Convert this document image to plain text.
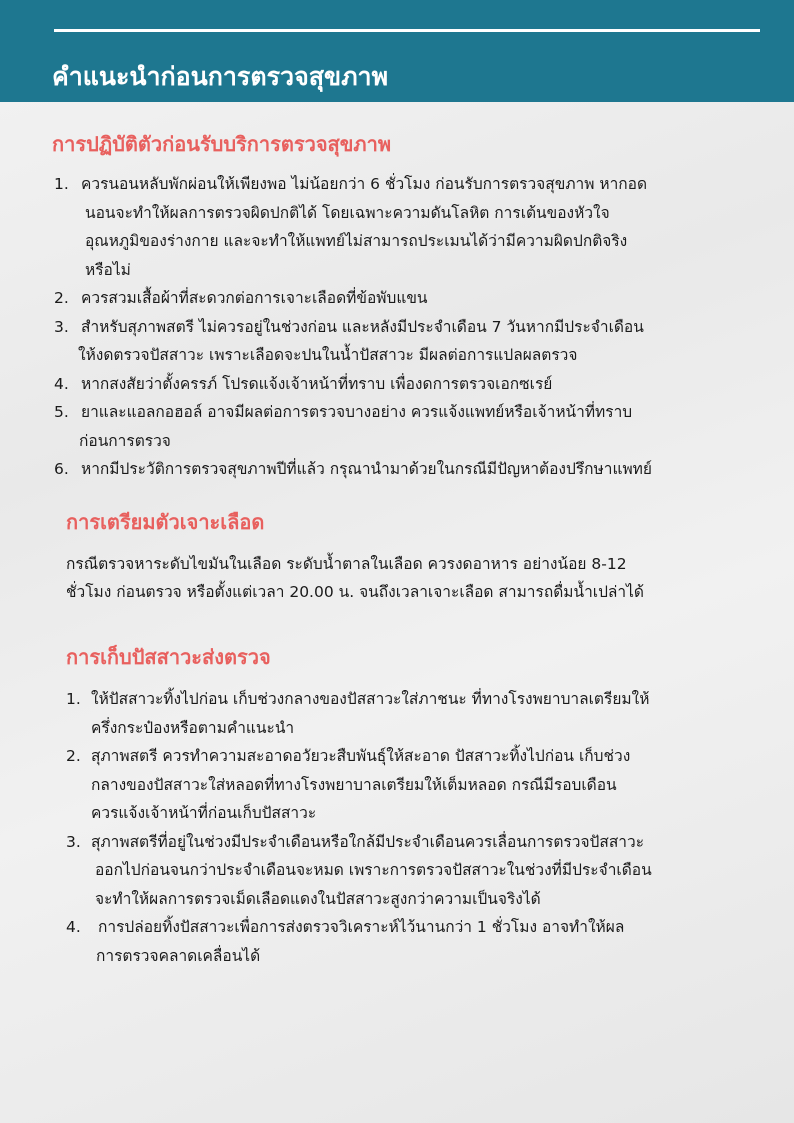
คำแนะนำก่อนการตรวจสุขภาพ
การปฏิบัติตัวก่อนรับบริการตรวจสุขภาพ
1. ควรนอนหลับพักผ่อนให้เพียงพอ ไม่น้อยกว่า 6 ชั่วโมง ก่อนรับการตรวจสุขภาพ หากอด
นอนจะทำให้ผลการตรวจผิดปกติได้ โดยเฉพาะความดันโลหิต การเต้นของหัวใจ
อุณหภูมิของร่างกาย และจะทำให้แพทย์ไม่สามารถประเมนได้ว่ามีความผิดปกติจริง
หรือไม่
2. ควรสวมเสื้อผ้าที่สะดวกต่อการเจาะเลือดที่ข้อพับแขน
3. สำหรับสุภาพสตรี ไม่ควรอยู่ในช่วงก่อน และหลังมีประจำเดือน 7 วันหากมีประจำเดือน
ให้งดตรวจปัสสาวะ เพราะเลือดจะปนในน้ำปัสสาวะ มีผลต่อการแปลผลตรวจ
4. หากสงสัยว่าตั้งครรภ์ โปรดแจ้งเจ้าหน้าที่ทราบ เพื่องดการตรวจเอกซเรย์
5. ยาและแอลกอฮอล์ อาจมีผลต่อการตรวจบางอย่าง ควรแจ้งแพทย์หรือเจ้าหน้าที่ทราบ
ก่อนการตรวจ
6. หากมีประวัติการตรวจสุขภาพปีที่แล้ว กรุณานำมาด้วยในกรณีมีปัญหาต้องปรึกษาแพทย์
การเตรียมตัวเจาะเลือด
กรณีตรวจหาระดับไขมันในเลือด ระดับน้ำตาลในเลือด ควรงดอาหาร อย่างน้อย 8-12
ชั่วโมง ก่อนตรวจ หรือตั้งแต่เวลา 20.00 น. จนถึงเวลาเจาะเลือด สามารถดื่มน้ำเปล่าได้
การเก็บปัสสาวะส่งตรวจ
1. ให้ปัสสาวะทิ้งไปก่อน เก็บช่วงกลางของปัสสาวะใส่ภาชนะ ที่ทางโรงพยาบาลเตรียมให้
ครึ่งกระป๋องหรือตามคำแนะนำ
2. สุภาพสตรี ควรทำความสะอาดอวัยวะสืบพันธุ์ให้สะอาด ปัสสาวะทิ้งไปก่อน เก็บช่วง
กลางของปัสสาวะใส่หลอดที่ทางโรงพยาบาลเตรียมให้เต็มหลอด กรณีมีรอบเดือน
ควรแจ้งเจ้าหน้าที่ก่อนเก็บปัสสาวะ
3. สุภาพสตรีที่อยู่ในช่วงมีประจำเดือนหรือใกล้มีประจำเดือนควรเลื่อนการตรวจปัสสาวะ
ออกไปก่อนจนกว่าประจำเดือนจะหมด เพราะการตรวจปัสสาวะในช่วงที่มีประจำเดือน
จะทำให้ผลการตรวจเม็ดเลือดแดงในปัสสาวะสูงกว่าความเป็นจริงได้
4.	การปล่อยทิ้งปัสสาวะเพื่อการส่งตรวจวิเคราะห์ไว้นานกว่า 1 ชั่วโมง อาจทำให้ผล
การตรวจคลาดเคลื่อนได้
